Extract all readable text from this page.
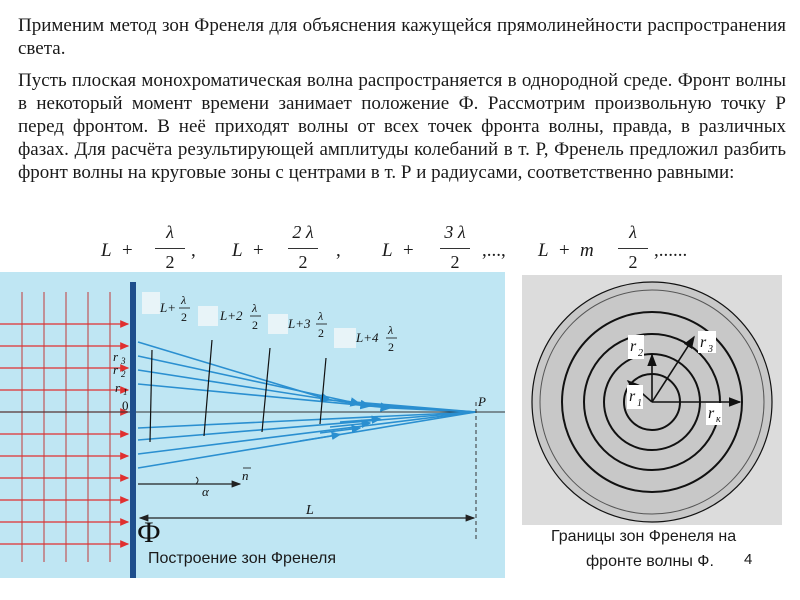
Применим метод зон Френеля для объяснения кажущейся прямолинейности распространения света.

Пусть плоская монохроматическая волна распространяется в однородной среде. Фронт волны в некоторый момент времени занимает положение Ф. Рассмотрим произвольную точку Р перед фронтом. В неё приходят волны от всех точек фронта волны, правда, в различных фазах. Для расчёта результирующей амплитуды колебаний в т. Р, Френель предложил разбить фронт волны на круговые зоны с центрами в т. Р и радиусами, соответственно равными:

L  +
λ
2
, L  +
2 λ
2
, L  +
3 λ
2
,..., L  +  m
λ
2
,......
r 3
r 2
r 1
0	P
α
n
L
Ф
L+ λ
2	L+2 λ
2 L+3 λ
2 L+4 λ
2
r 1
r 2
r 3
r к
Построение зон Френеля
Границы зон Френеля на
фронте волны Ф. 4
